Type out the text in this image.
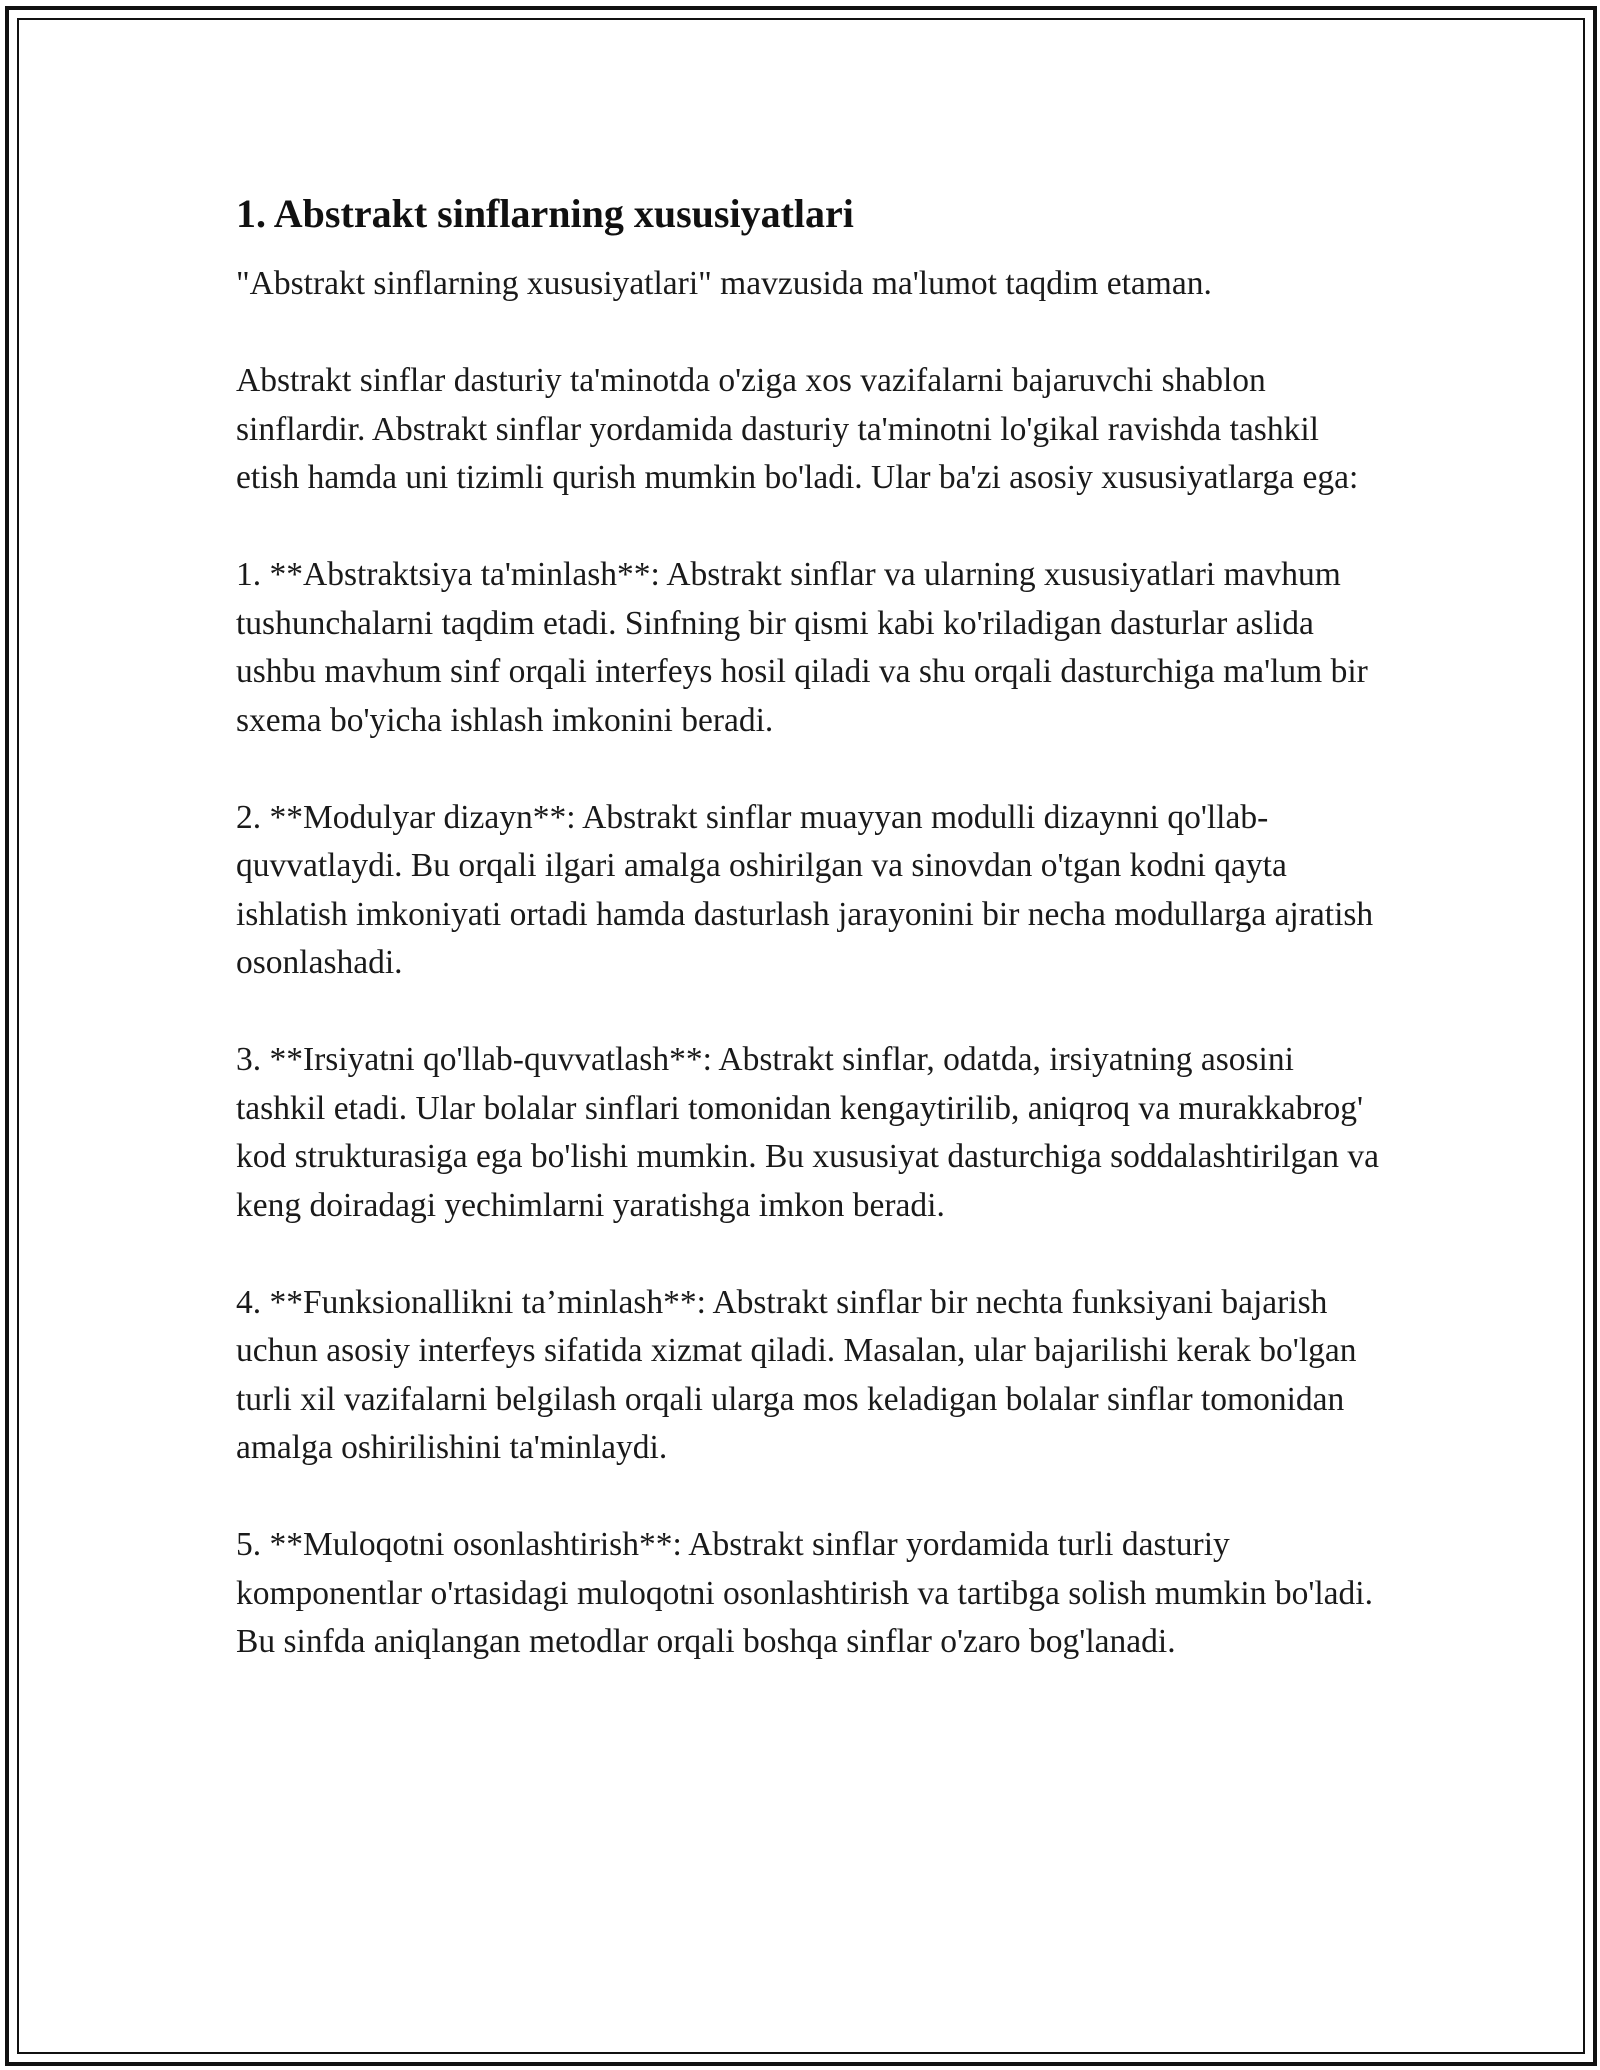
1. Abstrakt sinflarning xususiyatlari

"Abstrakt sinflarning xususiyatlari" mavzusida ma'lumot taqdim etaman.

Abstrakt sinflar dasturiy ta'minotda o'ziga xos vazifalarni bajaruvchi shablon sinflardir. Abstrakt sinflar yordamida dasturiy ta'minotni lo'gikal ravishda tashkil etish hamda uni tizimli qurish mumkin bo'ladi. Ular ba'zi asosiy xususiyatlarga ega:

1. **Abstraktsiya ta'minlash**: Abstrakt sinflar va ularning xususiyatlari mavhum tushunchalarni taqdim etadi. Sinfning bir qismi kabi ko'riladigan dasturlar aslida ushbu mavhum sinf orqali interfeys hosil qiladi va shu orqali dasturchiga ma'lum bir sxema bo'yicha ishlash imkonini beradi.

2. **Modulyar dizayn**: Abstrakt sinflar muayyan modulli dizaynni qo'llab-quvvatlaydi. Bu orqali ilgari amalga oshirilgan va sinovdan o'tgan kodni qayta ishlatish imkoniyati ortadi hamda dasturlash jarayonini bir necha modullarga ajratish osonlashadi.

3. **Irsiyatni qo'llab-quvvatlash**: Abstrakt sinflar, odatda, irsiyatning asosini tashkil etadi. Ular bolalar sinflari tomonidan kengaytirilib, aniqroq va murakkabrog' kod strukturasiga ega bo'lishi mumkin. Bu xususiyat dasturchiga soddalashtirilgan va keng doiradagi yechimlarni yaratishga imkon beradi.

4. **Funksionallikni ta’minlash**: Abstrakt sinflar bir nechta funksiyani bajarish uchun asosiy interfeys sifatida xizmat qiladi. Masalan, ular bajarilishi kerak bo'lgan turli xil vazifalarni belgilash orqali ularga mos keladigan bolalar sinflar tomonidan amalga oshirilishini ta'minlaydi.

5. **Muloqotni osonlashtirish**: Abstrakt sinflar yordamida turli dasturiy komponentlar o'rtasidagi muloqotni osonlashtirish va tartibga solish mumkin bo'ladi. Bu sinfda aniqlangan metodlar orqali boshqa sinflar o'zaro bog'lanadi.
